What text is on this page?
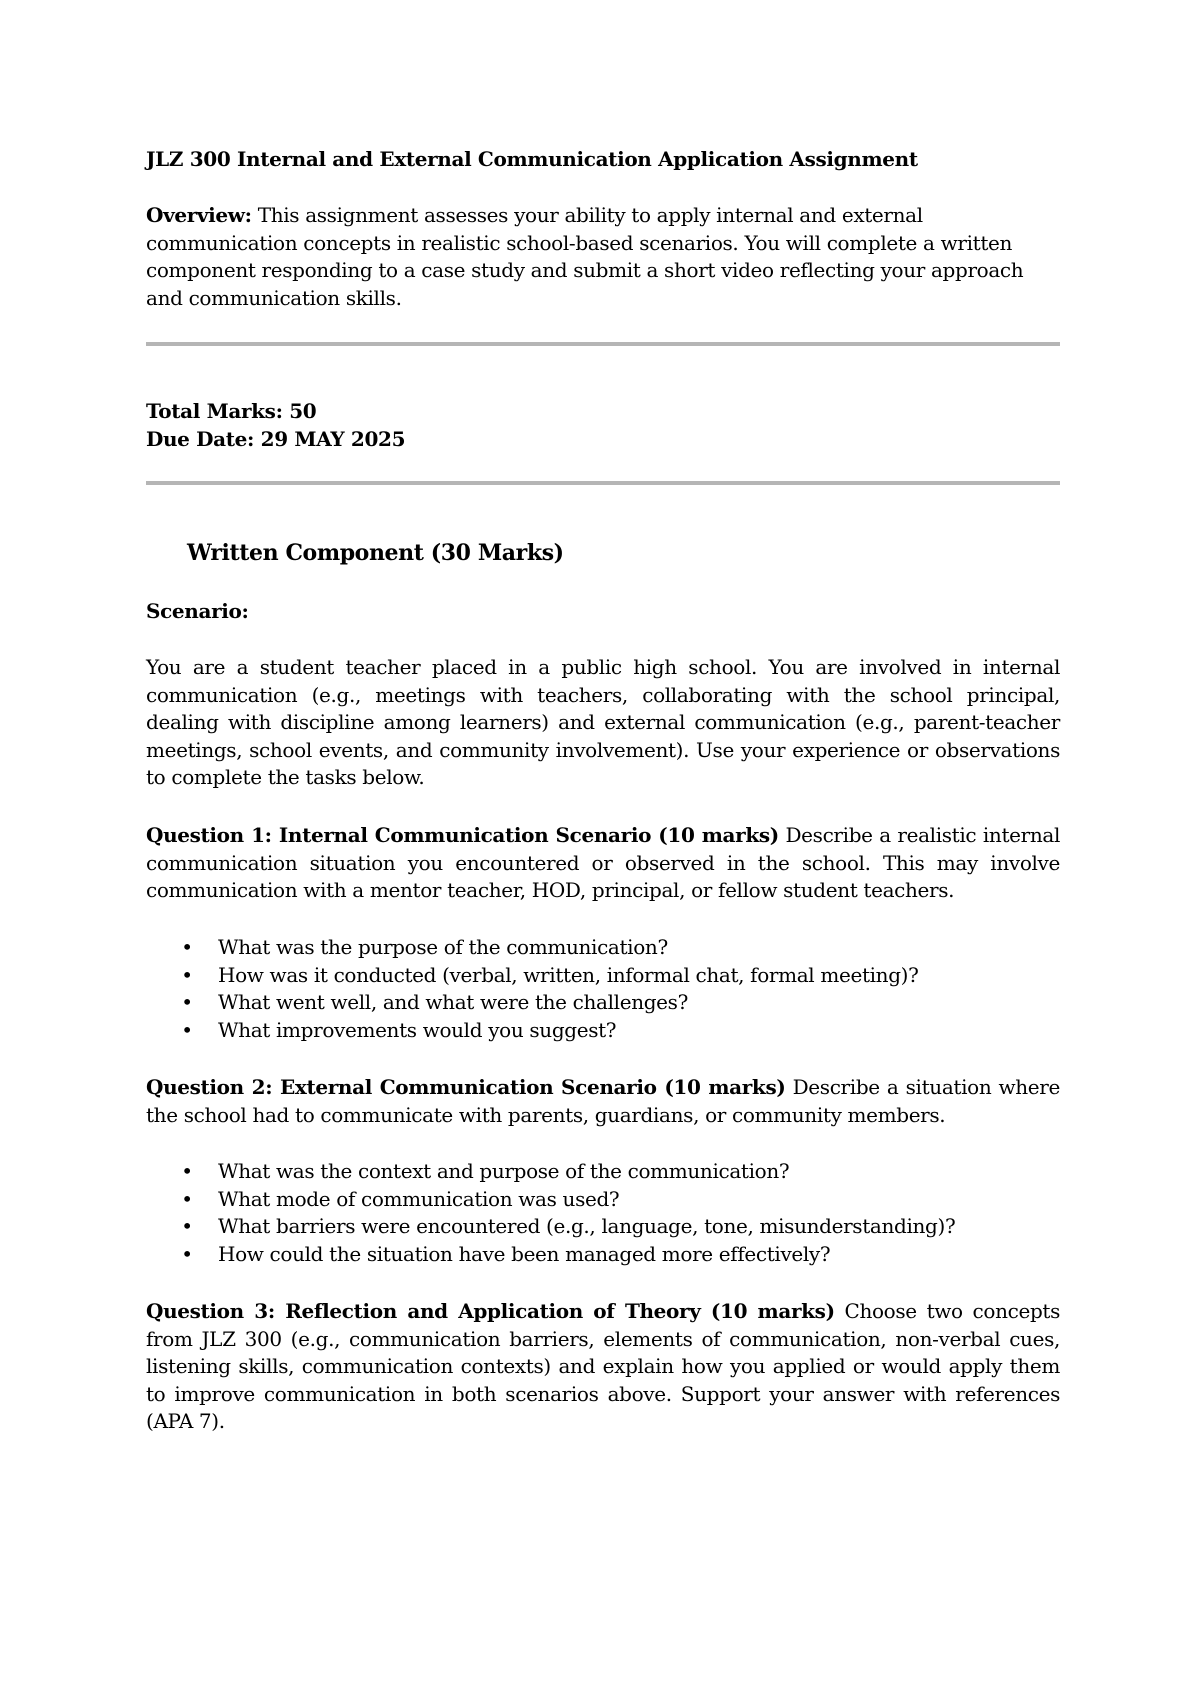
JLZ 300 Internal and External Communication Application Assignment
Overview: This assignment assesses your ability to apply internal and external communication concepts in realistic school-based scenarios. You will complete a written component responding to a case study and submit a short video reflecting your approach and communication skills.
Total Marks: 50
Due Date: 29 MAY 2025
Written Component (30 Marks)
Scenario:
You are a student teacher placed in a public high school. You are involved in internal communication (e.g., meetings with teachers, collaborating with the school principal, dealing with discipline among learners) and external communication (e.g., parent-teacher meetings, school events, and community involvement). Use your experience or observations to complete the tasks below.
Question 1: Internal Communication Scenario (10 marks) Describe a realistic internal communication situation you encountered or observed in the school. This may involve communication with a mentor teacher, HOD, principal, or fellow student teachers.
• What was the purpose of the communication?
• How was it conducted (verbal, written, informal chat, formal meeting)?
• What went well, and what were the challenges?
• What improvements would you suggest?
Question 2: External Communication Scenario (10 marks) Describe a situation where the school had to communicate with parents, guardians, or community members.
• What was the context and purpose of the communication?
• What mode of communication was used?
• What barriers were encountered (e.g., language, tone, misunderstanding)?
• How could the situation have been managed more effectively?
Question 3: Reflection and Application of Theory (10 marks) Choose two concepts from JLZ 300 (e.g., communication barriers, elements of communication, non-verbal cues, listening skills, communication contexts) and explain how you applied or would apply them to improve communication in both scenarios above. Support your answer with references (APA 7).
